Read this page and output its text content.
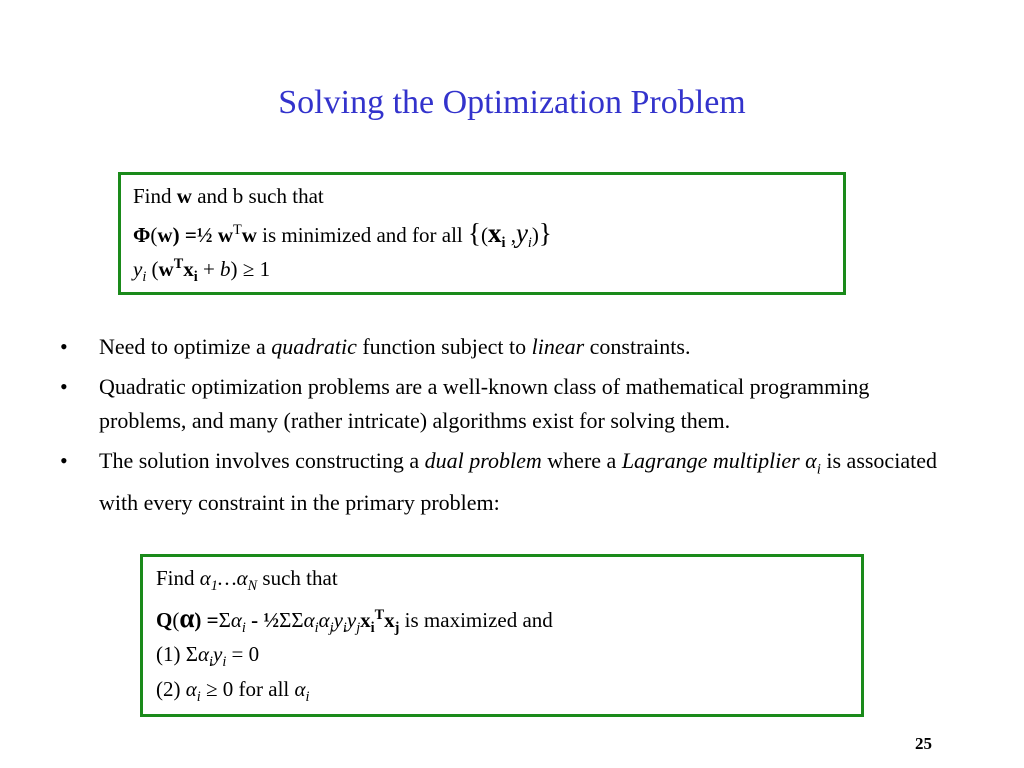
Solving the Optimization Problem
Find w and b such that
Φ(w) =½ $w^Tw$ is minimized and for all {($x_i$ $,y_i$)}
$y_i$ $(w^Tx_i + b) \ge 1$
• Need to optimize a quadratic function subject to linear constraints.
• Quadratic optimization problems are a well-known class of mathematical programming problems, and many (rather intricate) algorithms exist for solving them.
• The solution involves constructing a dual problem where a Lagrange multiplier $\alpha_i$ is associated with every constraint in the primary problem:
Find $\alpha_1\dots\alpha_N$ such that
$Q(\alpha) =\Sigma\alpha_i$ - $\frac{1}{2}\Sigma\Sigma\alpha_i\alpha_jy_iy_jx_i^Tx_j$ is maximized and
(1) $\Sigma\alpha_iy_i = 0$
(2) $\alpha_i \ge 0$ for all $\alpha_i$
25
